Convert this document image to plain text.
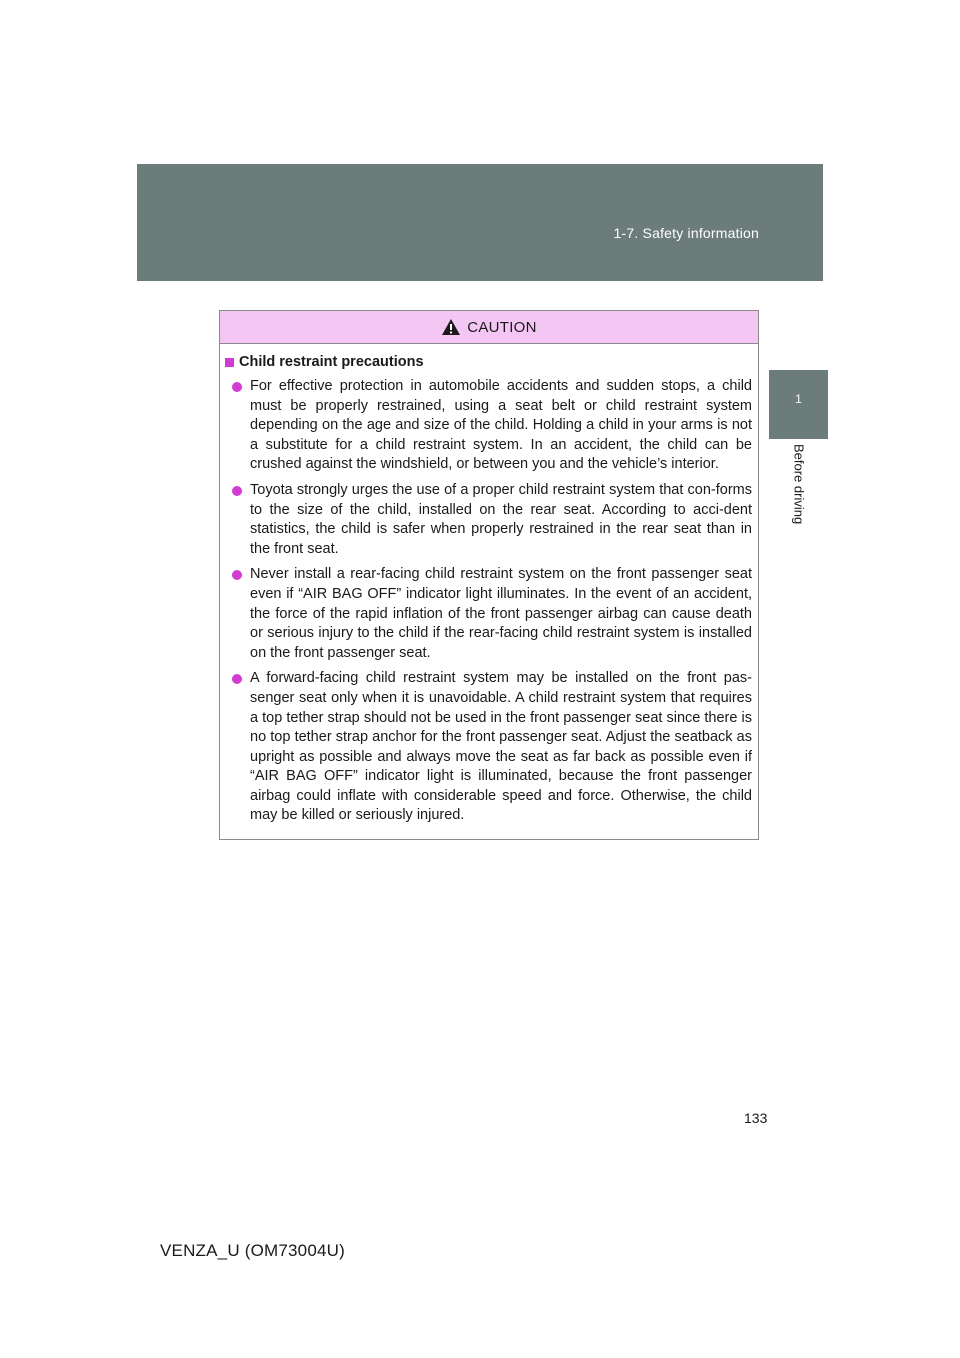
1-7. Safety information
1
Before driving
CAUTION
Child restraint precautions

For effective protection in automobile accidents and sudden stops, a child must be properly restrained, using a seat belt or child restraint system depending on the age and size of the child. Holding a child in your arms is not a substitute for a child restraint system. In an accident, the child can be crushed against the windshield, or between you and the vehicle’s interior.

Toyota strongly urges the use of a proper child restraint system that con-forms to the size of the child, installed on the rear seat. According to acci-dent statistics, the child is safer when properly restrained in the rear seat than in the front seat.

Never install a rear-facing child restraint system on the front passenger seat even if “AIR BAG OFF” indicator light illuminates. In the event of an accident, the force of the rapid inflation of the front passenger airbag can cause death or serious injury to the child if the rear-facing child restraint system is installed on the front passenger seat.

A forward-facing child restraint system may be installed on the front pas-senger seat only when it is unavoidable. A child restraint system that requires a top tether strap should not be used in the front passenger seat since there is no top tether strap anchor for the front passenger seat. Adjust the seatback as upright as possible and always move the seat as far back as possible even if “AIR BAG OFF” indicator light is illuminated, because the front passenger airbag could inflate with considerable speed and force. Otherwise, the child may be killed or seriously injured.

133
VENZA_U (OM73004U)
